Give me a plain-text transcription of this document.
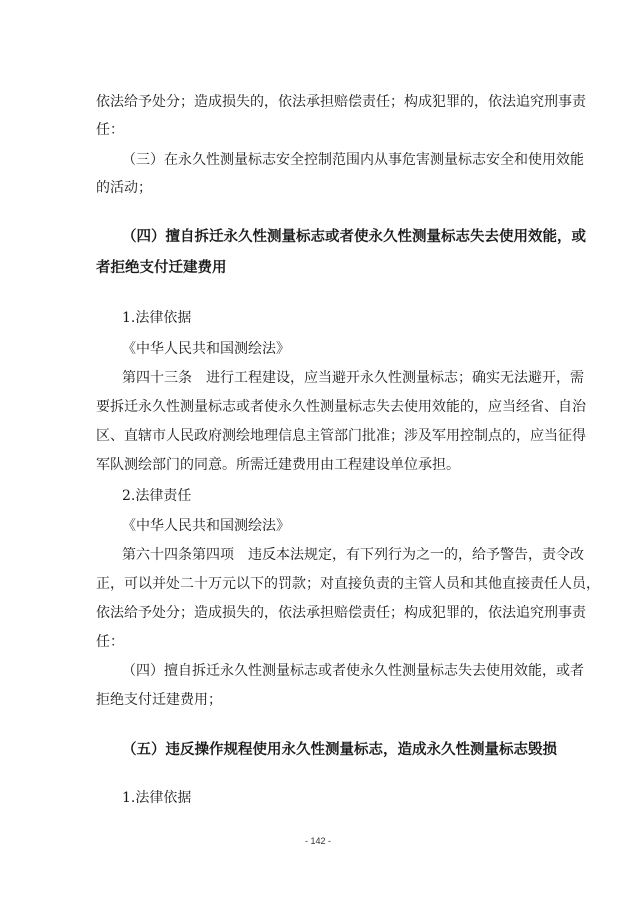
依法给予处分；造成损失的，依法承担赔偿责任；构成犯罪的，依法追究刑事责
任：
（三）在永久性测量标志安全控制范围内从事危害测量标志安全和使用效能
的活动；
（四）擅自拆迁永久性测量标志或者使永久性测量标志失去使用效能，或
者拒绝支付迁建费用
1.法律依据
《中华人民共和国测绘法》
第四十三条　进行工程建设，应当避开永久性测量标志；确实无法避开，需
要拆迁永久性测量标志或者使永久性测量标志失去使用效能的，应当经省、自治
区、直辖市人民政府测绘地理信息主管部门批准；涉及军用控制点的，应当征得
军队测绘部门的同意。所需迁建费用由工程建设单位承担。
2.法律责任
《中华人民共和国测绘法》
第六十四条第四项　违反本法规定，有下列行为之一的，给予警告，责令改
正，可以并处二十万元以下的罚款；对直接负责的主管人员和其他直接责任人员，
依法给予处分；造成损失的，依法承担赔偿责任；构成犯罪的，依法追究刑事责
任：
（四）擅自拆迁永久性测量标志或者使永久性测量标志失去使用效能，或者
拒绝支付迁建费用；
（五）违反操作规程使用永久性测量标志，造成永久性测量标志毁损
1.法律依据
- 142 -
